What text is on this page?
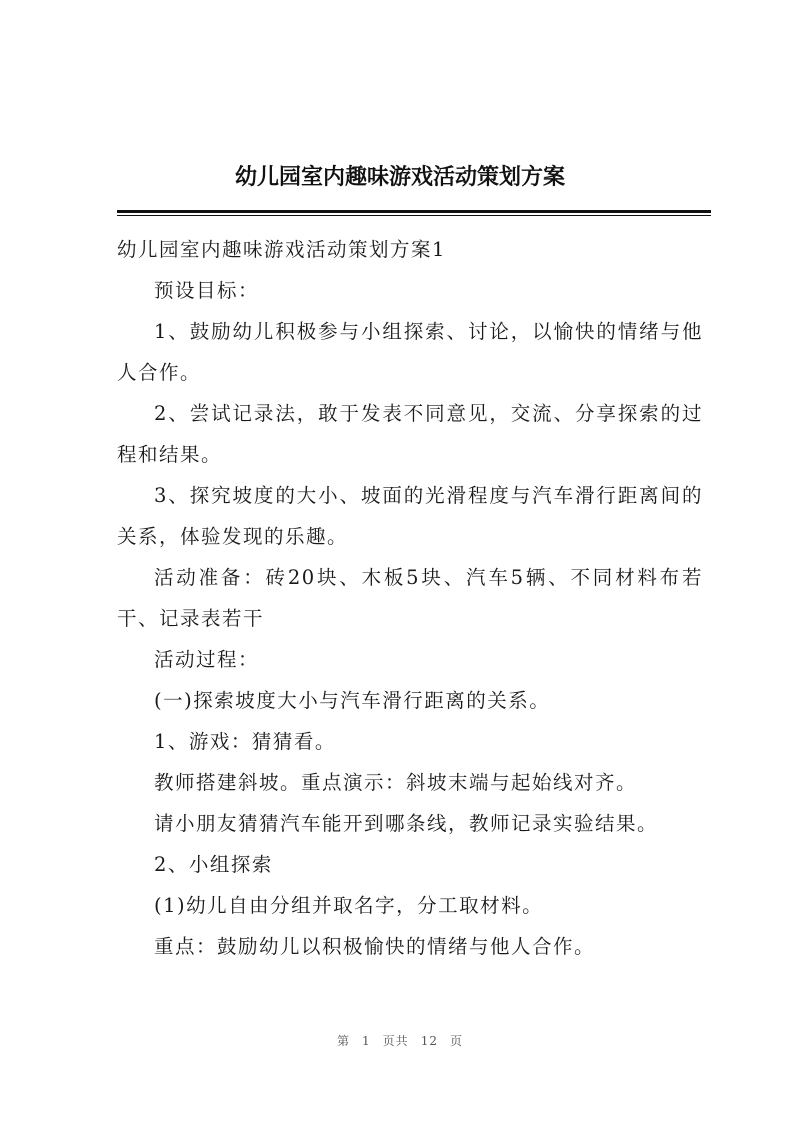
幼儿园室内趣味游戏活动策划方案

幼儿园室内趣味游戏活动策划方案1

预设目标：

1、鼓励幼儿积极参与小组探索、讨论，以愉快的情绪与他人合作。

2、尝试记录法，敢于发表不同意见，交流、分享探索的过程和结果。

3、探究坡度的大小、坡面的光滑程度与汽车滑行距离间的关系，体验发现的乐趣。

活动准备：砖20块、木板5块、汽车5辆、不同材料布若干、记录表若干

活动过程：

(一)探索坡度大小与汽车滑行距离的关系。

1、游戏：猜猜看。

教师搭建斜坡。重点演示：斜坡末端与起始线对齐。

请小朋友猜猜汽车能开到哪条线，教师记录实验结果。

2、小组探索

(1)幼儿自由分组并取名字，分工取材料。

重点：鼓励幼儿以积极愉快的情绪与他人合作。

第 1 页共 12 页
